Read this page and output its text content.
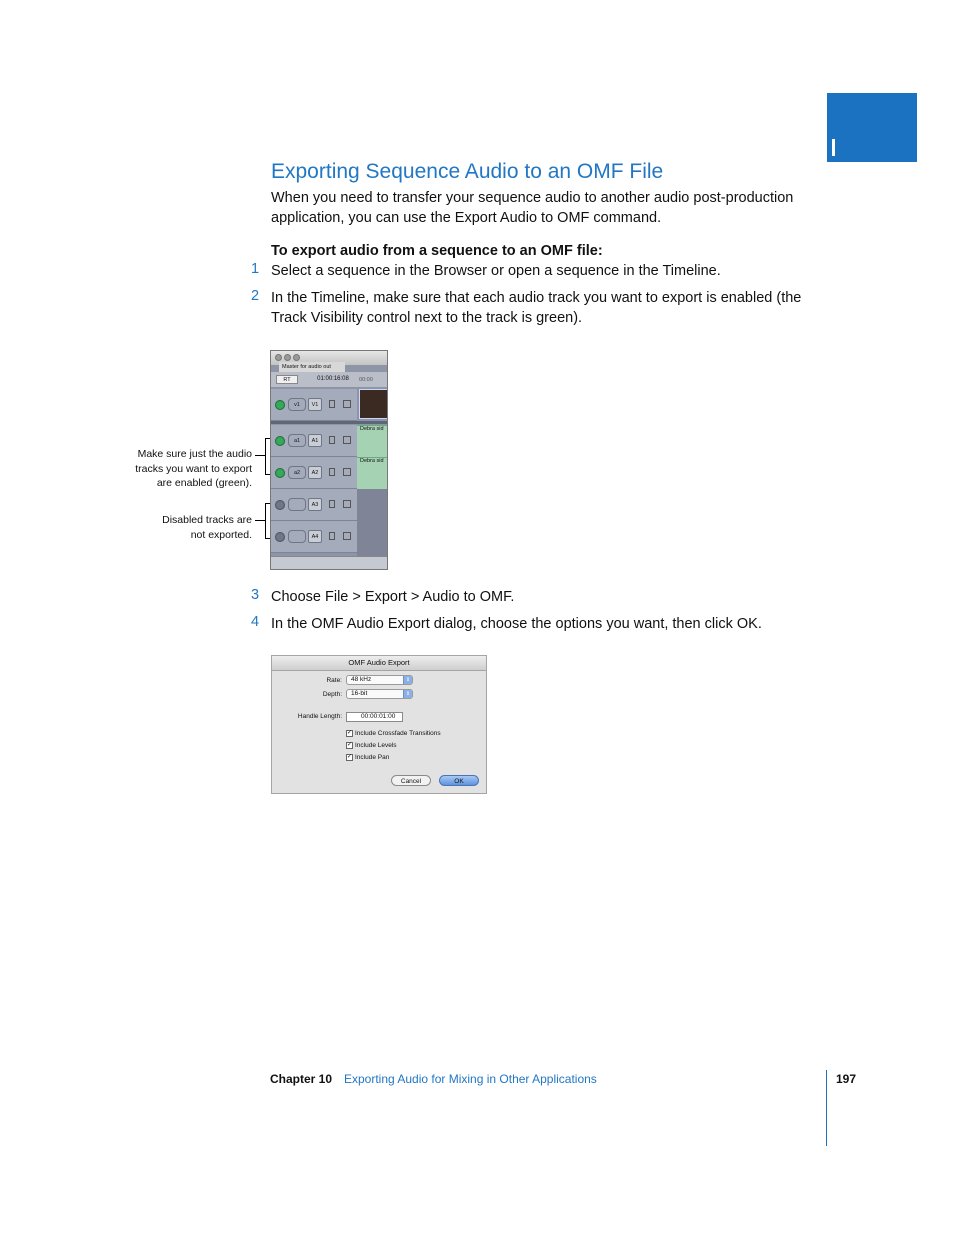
Exporting Sequence Audio to an OMF File
When you need to transfer your sequence audio to another audio post-production
application, you can use the Export Audio to OMF command.
To export audio from a sequence to an OMF file:
1 Select a sequence in the Browser or open a sequence in the Timeline.
2 In the Timeline, make sure that each audio track you want to export is enabled (the
Track Visibility control next to the track is green).
Make sure just the audio
tracks you want to export
are enabled (green).
Disabled tracks are
not exported.
Master for audio out
RT	01:00:16:08	00:00
v1	V1
a1	A1
Debra sid
a2	A2
Debra sid
A3
A4
3 Choose File > Export > Audio to OMF.
4 In the OMF Audio Export dialog, choose the options you want, then click OK.
OMF Audio Export
Rate:	48 kHz	⇕
Depth:	16-bit	⇕
Handle Length:	00:00:01:00
✓ Include Crossfade Transitions
✓ Include Levels
✓ Include Pan
Cancel	OK
Chapter 10 Exporting Audio for Mixing in Other Applications	197
